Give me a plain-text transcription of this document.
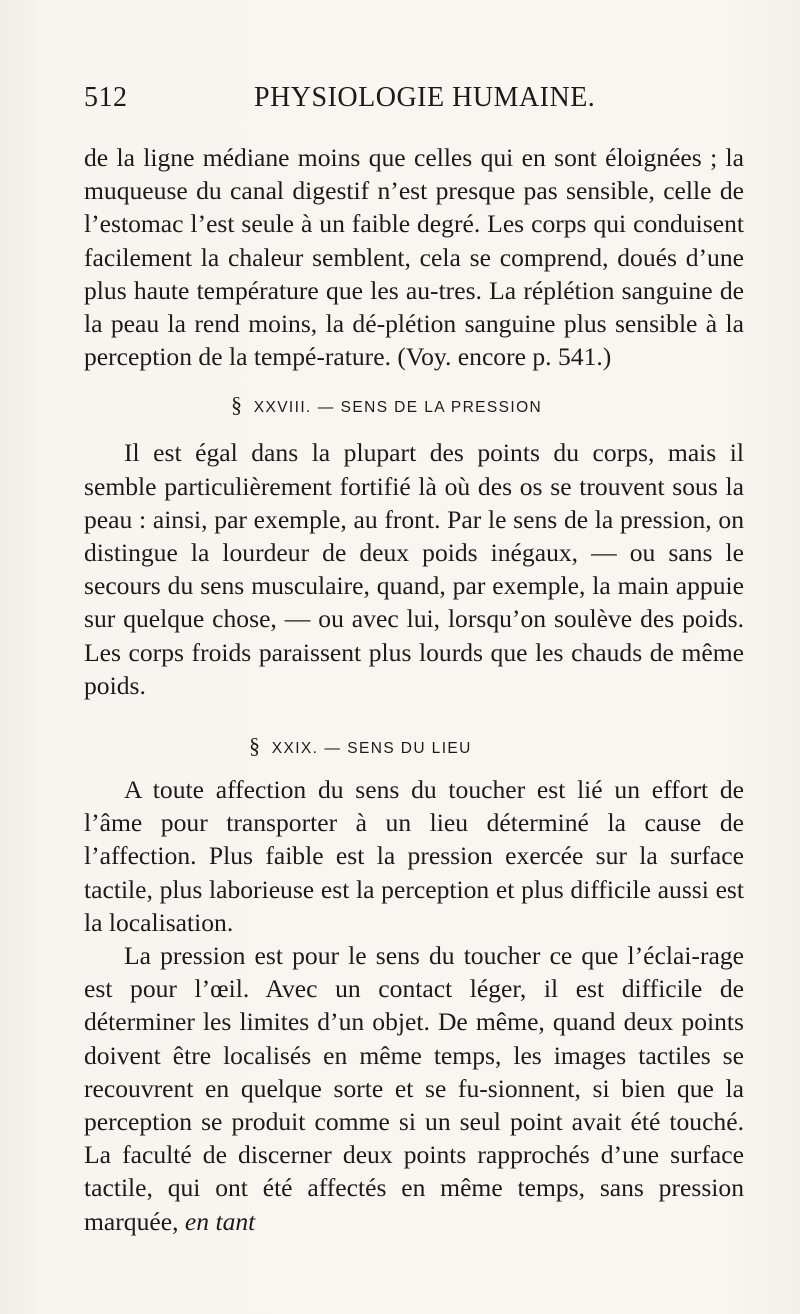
512	PHYSIOLOGIE HUMAINE.

de la ligne médiane moins que celles qui en sont éloignées ; la muqueuse du canal digestif n’est presque pas sensible, celle de l’estomac l’est seule à un faible degré. Les corps qui conduisent facilement la chaleur semblent, cela se comprend, doués d’une plus haute température que les au-tres. La réplétion sanguine de la peau la rend moins, la dé-plétion sanguine plus sensible à la perception de la tempé-rature. (Voy. encore p. 541.)

§ XXVIII. — SENS DE LA PRESSION

Il est égal dans la plupart des points du corps, mais il semble particulièrement fortifié là où des os se trouvent sous la peau : ainsi, par exemple, au front. Par le sens de la pression, on distingue la lourdeur de deux poids inégaux, — ou sans le secours du sens musculaire, quand, par exemple, la main appuie sur quelque chose, — ou avec lui, lorsqu’on soulève des poids. Les corps froids paraissent plus lourds que les chauds de même poids.

§ XXIX. — SENS DU LIEU

A toute affection du sens du toucher est lié un effort de l’âme pour transporter à un lieu déterminé la cause de l’affection. Plus faible est la pression exercée sur la surface tactile, plus laborieuse est la perception et plus difficile aussi est la localisation.

La pression est pour le sens du toucher ce que l’éclai-rage est pour l’œil. Avec un contact léger, il est difficile de déterminer les limites d’un objet. De même, quand deux points doivent être localisés en même temps, les images tactiles se recouvrent en quelque sorte et se fu-sionnent, si bien que la perception se produit comme si un seul point avait été touché. La faculté de discerner deux points rapprochés d’une surface tactile, qui ont été affectés en même temps, sans pression marquée, en tant
